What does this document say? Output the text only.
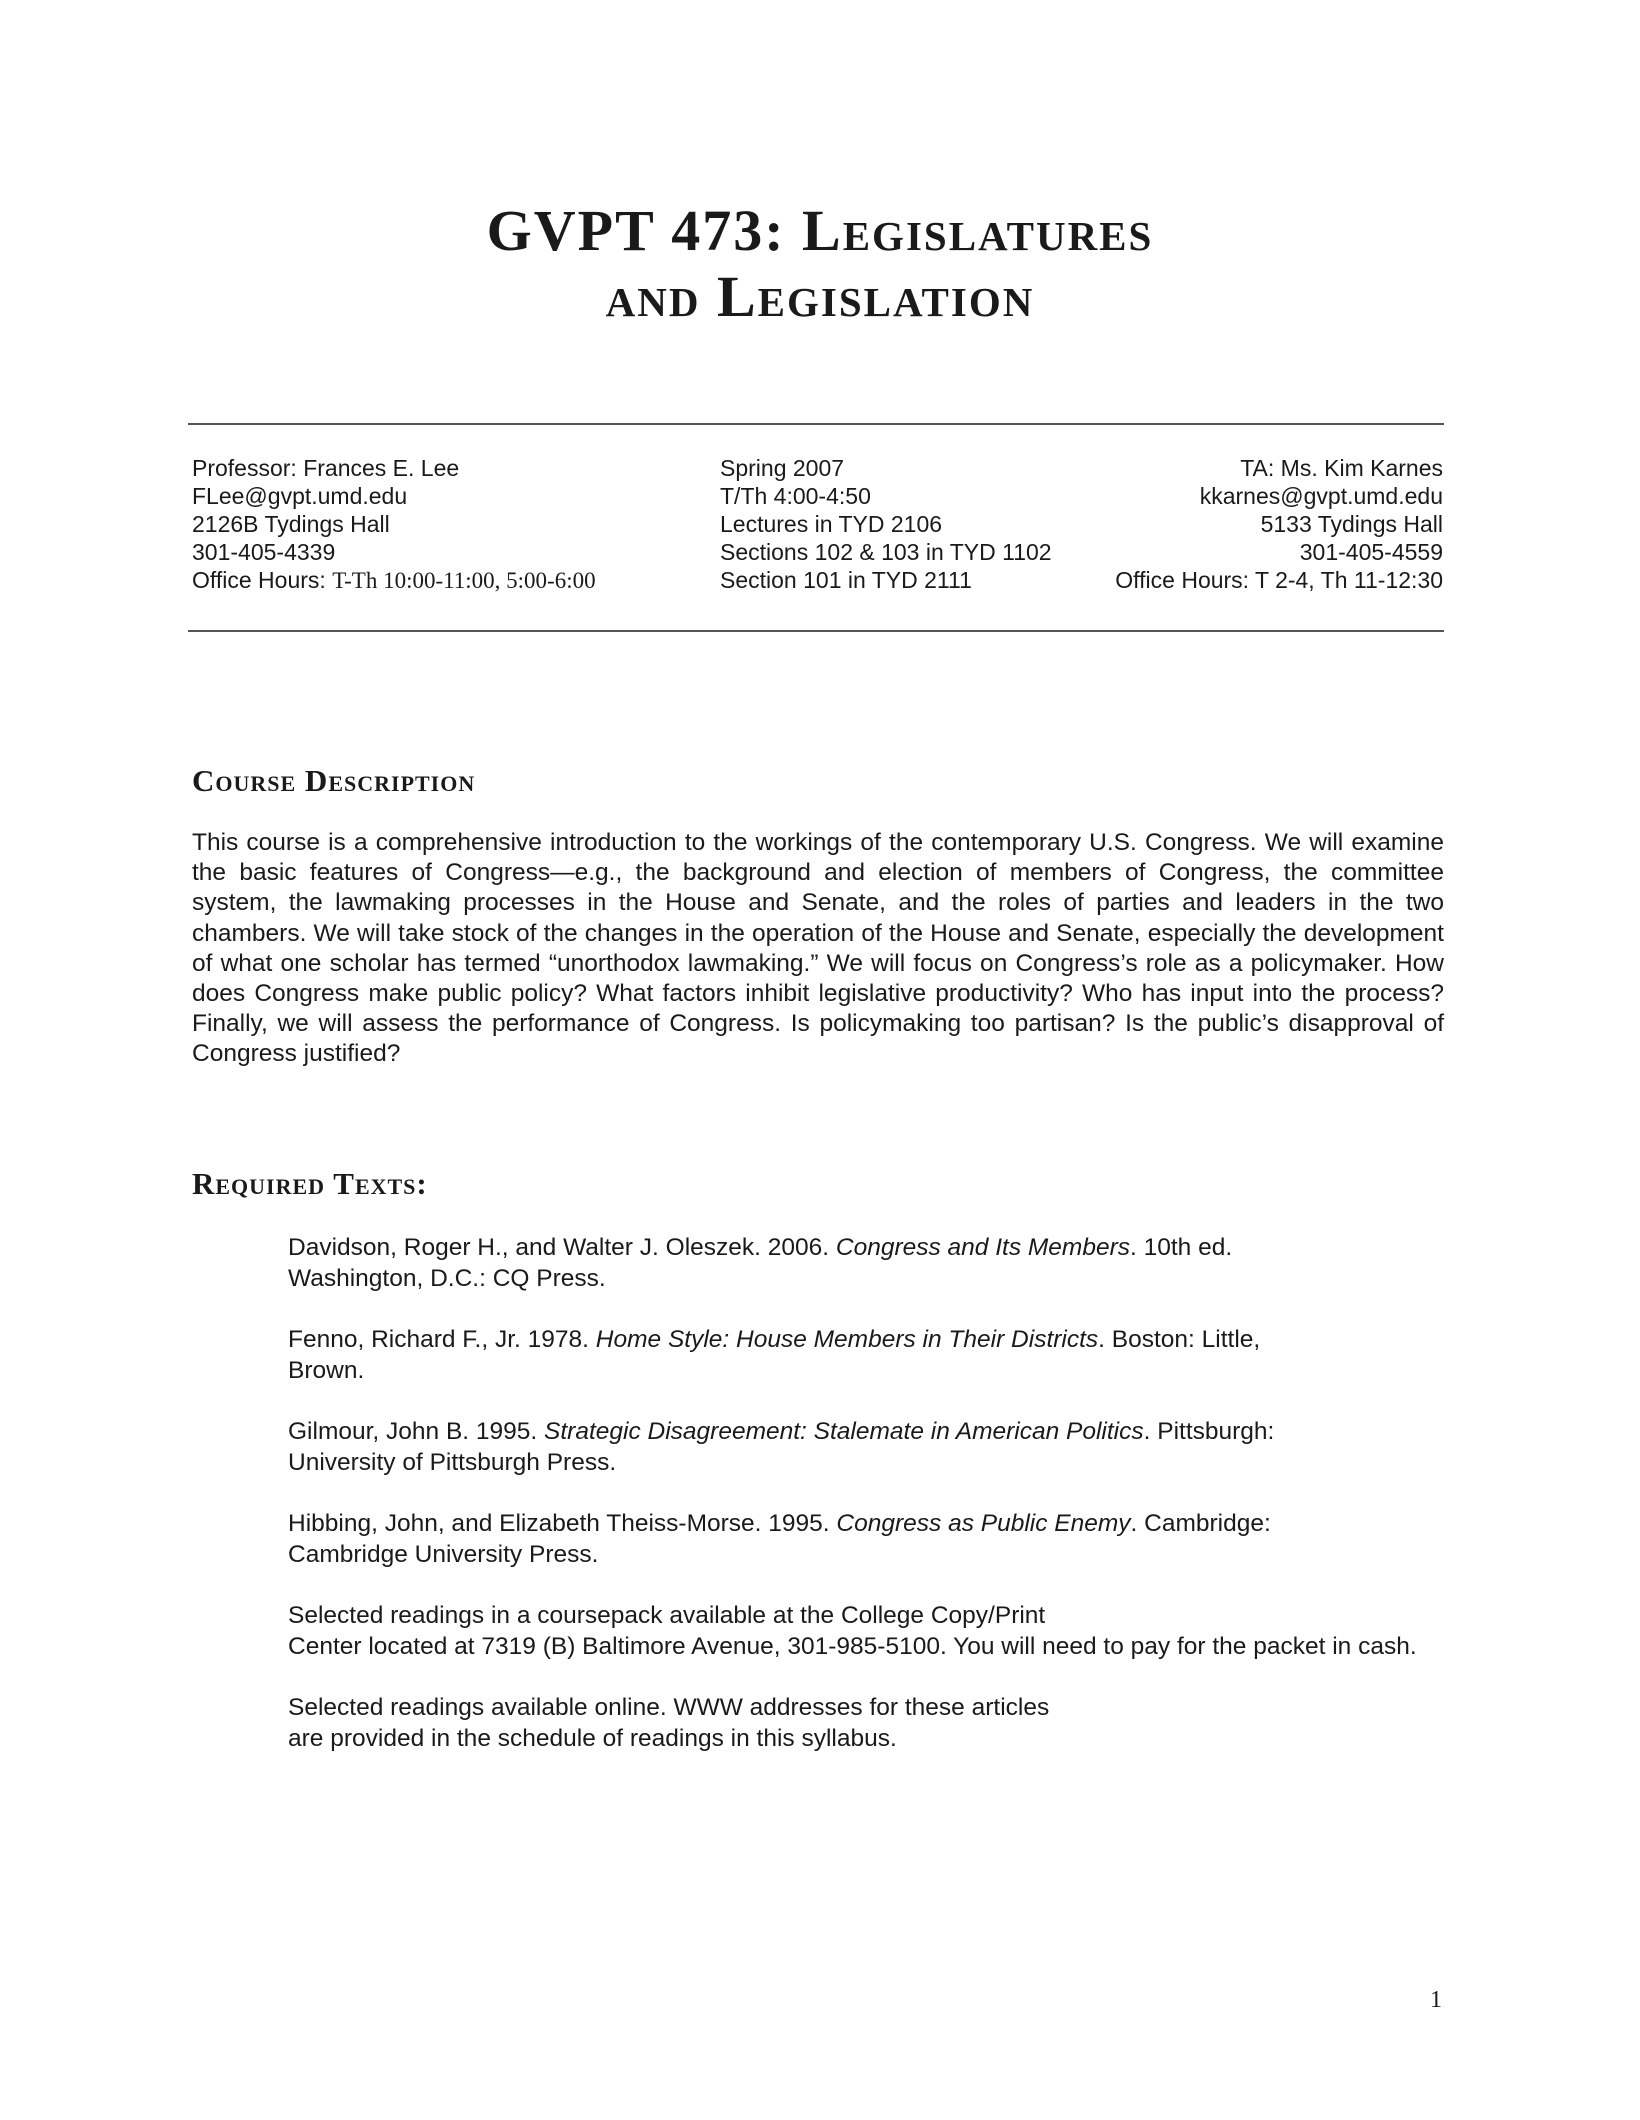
GVPT 473: Legislatures
and Legislation
Professor: Frances E. Lee
FLee@gvpt.umd.edu
2126B Tydings Hall
301-405-4339
Office Hours: T-Th 10:00-11:00, 5:00-6:00
Spring 2007
T/Th 4:00-4:50
Lectures in TYD 2106
Sections 102 & 103 in TYD 1102
Section 101 in TYD 2111
TA: Ms. Kim Karnes
kkarnes@gvpt.umd.edu
5133 Tydings Hall
301-405-4559
Office Hours: T 2-4, Th 11-12:30
Course Description
This course is a comprehensive introduction to the workings of the contemporary U.S. Congress. We will examine the basic features of Congress—e.g., the background and election of members of Congress, the committee system, the lawmaking processes in the House and Senate, and the roles of parties and leaders in the two chambers. We will take stock of the changes in the operation of the House and Senate, especially the development of what one scholar has termed “unorthodox lawmaking.” We will focus on Congress’s role as a policymaker. How does Congress make public policy? What factors inhibit legislative productivity? Who has input into the process? Finally, we will assess the performance of Congress. Is policymaking too partisan? Is the public’s disapproval of Congress justified?
Required Texts:
Davidson, Roger H., and Walter J. Oleszek. 2006. Congress and Its Members. 10th ed.
Washington, D.C.: CQ Press.
Fenno, Richard F., Jr. 1978. Home Style: House Members in Their Districts. Boston: Little,
Brown.
Gilmour, John B. 1995. Strategic Disagreement: Stalemate in American Politics. Pittsburgh:
University of Pittsburgh Press.
Hibbing, John, and Elizabeth Theiss-Morse. 1995. Congress as Public Enemy. Cambridge:
Cambridge University Press.
Selected readings in a coursepack available at the College Copy/Print
Center located at 7319 (B) Baltimore Avenue, 301-985-5100. You will need to pay for the packet in cash.
Selected readings available online. WWW addresses for these articles
are provided in the schedule of readings in this syllabus.
1
